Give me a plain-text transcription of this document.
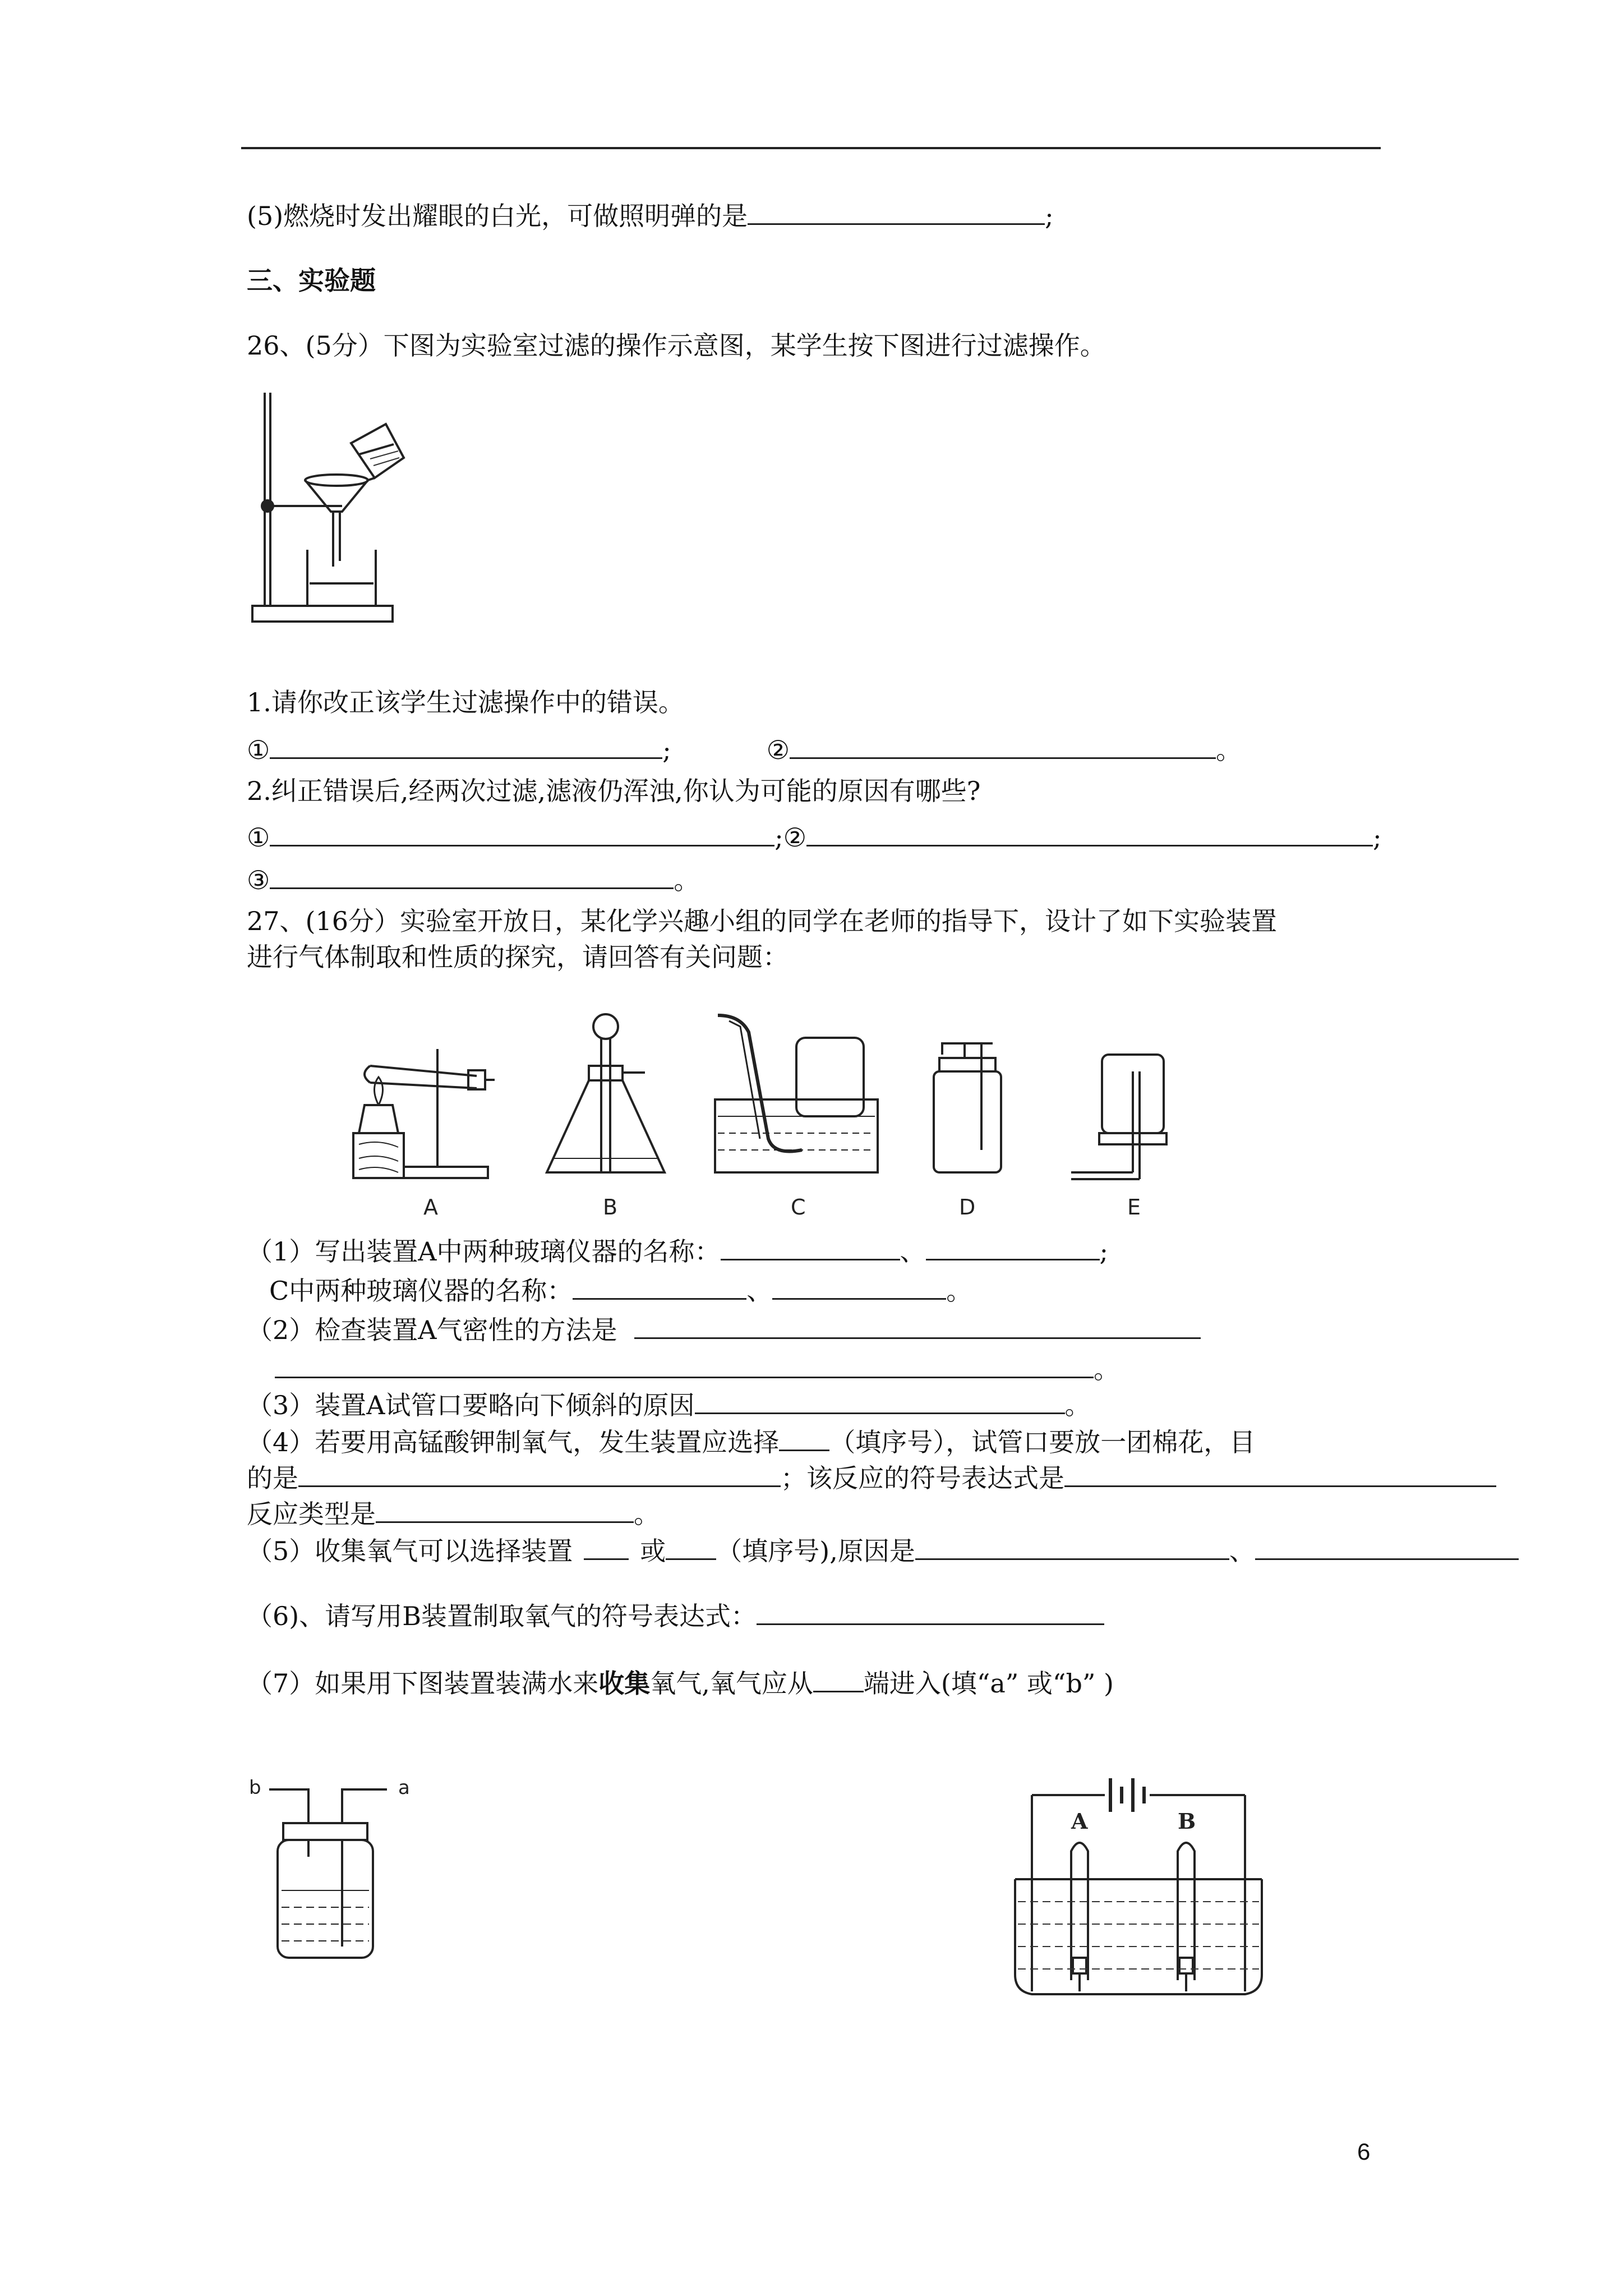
(5)燃烧时发出耀眼的白光，可做照明弹的是	;
三、实验题
26、(5分）下图为实验室过滤的操作示意图，某学生按下图进行过滤操作。
1.请你改正该学生过滤操作中的错误。
①	;	②	。
2.纠正错误后,经两次过滤,滤液仍浑浊,你认为可能的原因有哪些?
①	;②	;
③	。
27、(16分）实验室开放日，某化学兴趣小组的同学在老师的指导下，设计了如下实验装置
进行气体制取和性质的探究，请回答有关问题：
A	B	C	D	E
（1）写出装置A中两种玻璃仪器的名称：	、	;
C中两种玻璃仪器的名称：	、	。
（2）检查装置A气密性的方法是
。
（3）装置A试管口要略向下倾斜的原因	。
（4）若要用高锰酸钾制氧气，发生装置应选择 （填序号），试管口要放一团棉花，目
的是	；该反应的符号表达式是
反应类型是	。
（5）收集氧气可以选择装置	或 （填序号),原因是	、
（6)、请写用B装置制取氧气的符号表达式：
（7）如果用下图装置装满水来收集氧气,氧气应从 端进入(填“a” 或“b” )
b	a
A	B
6
